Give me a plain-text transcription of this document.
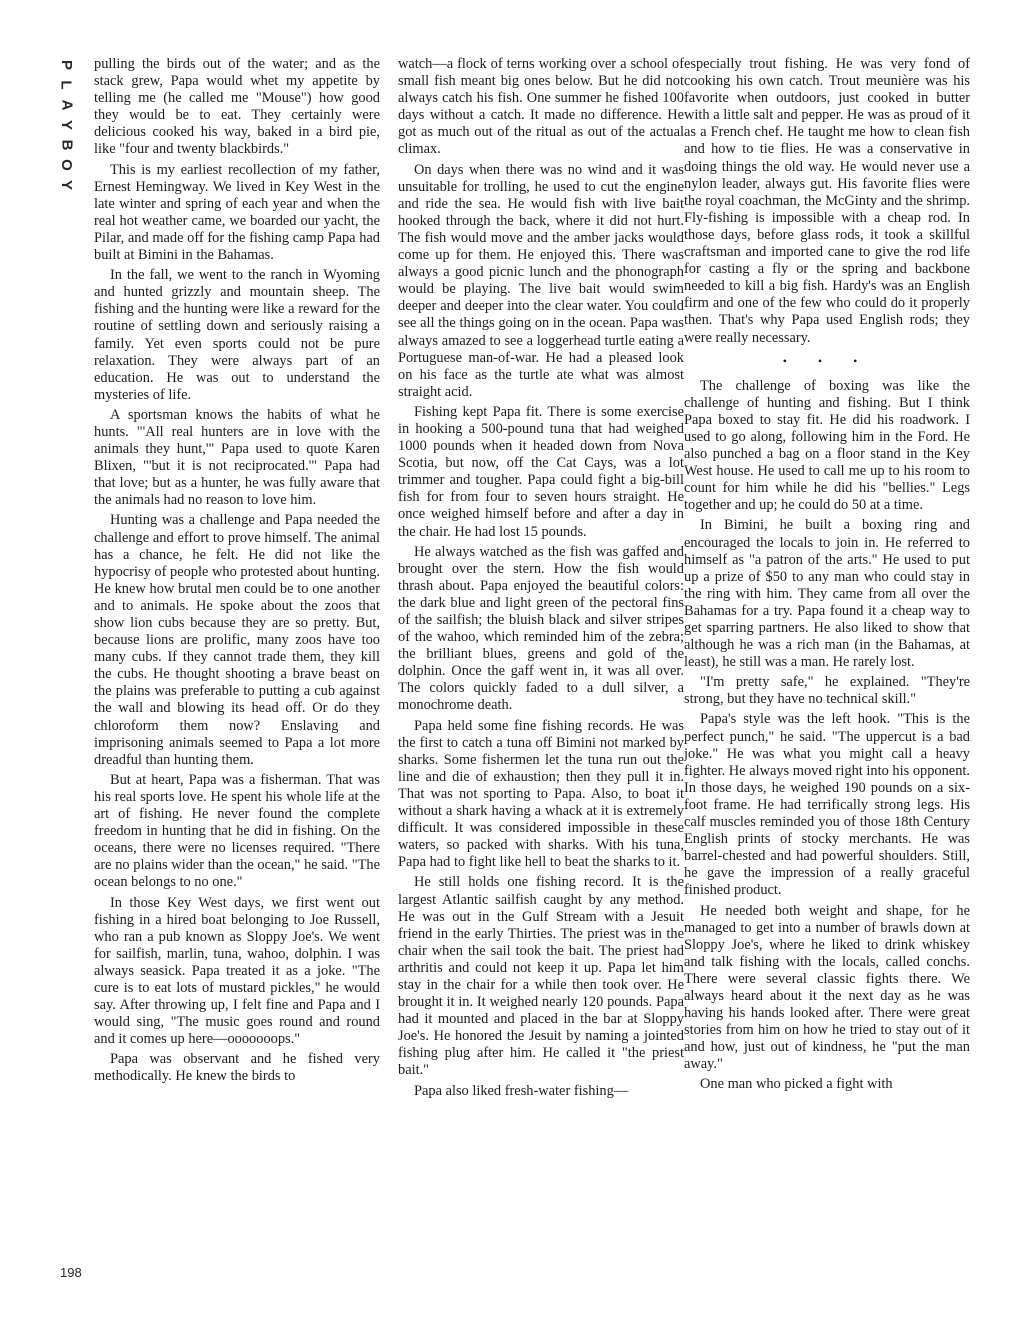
P
L
A
Y
B
O
Y
198

pulling the birds out of the water; and as the stack grew, Papa would whet my appetite by telling me (he called me "Mouse") how good they would be to eat. They certainly were delicious cooked his way, baked in a bird pie, like "four and twenty blackbirds."

This is my earliest recollection of my father, Ernest Hemingway. We lived in Key West in the late winter and spring of each year and when the real hot weather came, we boarded our yacht, the Pilar, and made off for the fishing camp Papa had built at Bimini in the Bahamas.

In the fall, we went to the ranch in Wyoming and hunted grizzly and mountain sheep. The fishing and the hunting were like a reward for the routine of settling down and seriously raising a family. Yet even sports could not be pure relaxation. They were always part of an education. He was out to understand the mysteries of life.

A sportsman knows the habits of what he hunts. "'All real hunters are in love with the animals they hunt,'" Papa used to quote Karen Blixen, "'but it is not reciprocated.'" Papa had that love; but as a hunter, he was fully aware that the animals had no reason to love him.

Hunting was a challenge and Papa needed the challenge and effort to prove himself. The animal has a chance, he felt. He did not like the hypocrisy of people who protested about hunting. He knew how brutal men could be to one another and to animals. He spoke about the zoos that show lion cubs because they are so pretty. But, because lions are prolific, many zoos have too many cubs. If they cannot trade them, they kill the cubs. He thought shooting a brave beast on the plains was preferable to putting a cub against the wall and blowing its head off. Or do they chloroform them now? Enslaving and imprisoning animals seemed to Papa a lot more dreadful than hunting them.

But at heart, Papa was a fisherman. That was his real sports love. He spent his whole life at the art of fishing. He never found the complete freedom in hunting that he did in fishing. On the oceans, there were no licenses required. "There are no plains wider than the ocean," he said. "The ocean belongs to no one."

In those Key West days, we first went out fishing in a hired boat belonging to Joe Russell, who ran a pub known as Sloppy Joe's. We went for sailfish, marlin, tuna, wahoo, dolphin. I was always seasick. Papa treated it as a joke. "The cure is to eat lots of mustard pickles," he would say. After throwing up, I felt fine and Papa and I would sing, "The music goes round and round and it comes up here—ooooooops."

Papa was observant and he fished very methodically. He knew the birds to

watch—a flock of terns working over a school of small fish meant big ones below. But he did not always catch his fish. One summer he fished 100 days without a catch. It made no difference. He got as much out of the ritual as out of the actual climax.

On days when there was no wind and it was unsuitable for trolling, he used to cut the engine and ride the sea. He would fish with live bait hooked through the back, where it did not hurt. The fish would move and the amber jacks would come up for them. He enjoyed this. There was always a good picnic lunch and the phonograph would be playing. The live bait would swim deeper and deeper into the clear water. You could see all the things going on in the ocean. Papa was always amazed to see a loggerhead turtle eating a Portuguese man-of-war. He had a pleased look on his face as the turtle ate what was almost straight acid.

Fishing kept Papa fit. There is some exercise in hooking a 500-pound tuna that had weighed 1000 pounds when it headed down from Nova Scotia, but now, off the Cat Cays, was a lot trimmer and tougher. Papa could fight a big-bill fish for from four to seven hours straight. He once weighed himself before and after a day in the chair. He had lost 15 pounds.

He always watched as the fish was gaffed and brought over the stern. How the fish would thrash about. Papa enjoyed the beautiful colors: the dark blue and light green of the pectoral fins of the sailfish; the bluish black and silver stripes of the wahoo, which reminded him of the zebra; the brilliant blues, greens and gold of the dolphin. Once the gaff went in, it was all over. The colors quickly faded to a dull silver, a monochrome death.

Papa held some fine fishing records. He was the first to catch a tuna off Bimini not marked by sharks. Some fishermen let the tuna run out the line and die of exhaustion; then they pull it in. That was not sporting to Papa. Also, to boat it without a shark having a whack at it is extremely difficult. It was considered impossible in these waters, so packed with sharks. With his tuna, Papa had to fight like hell to beat the sharks to it.

He still holds one fishing record. It is the largest Atlantic sailfish caught by any method. He was out in the Gulf Stream with a Jesuit friend in the early Thirties. The priest was in the chair when the sail took the bait. The priest had arthritis and could not keep it up. Papa let him stay in the chair for a while then took over. He brought it in. It weighed nearly 120 pounds. Papa had it mounted and placed in the bar at Sloppy Joe's. He honored the Jesuit by naming a jointed fishing plug after him. He called it "the priest bait."

Papa also liked fresh-water fishing—

especially trout fishing. He was very fond of cooking his own catch. Trout meunière was his favorite when outdoors, just cooked in butter with a little salt and pepper. He was as proud of it as a French chef. He taught me how to clean fish and how to tie flies. He was a conservative in doing things the old way. He would never use a nylon leader, always gut. His favorite flies were the royal coachman, the McGinty and the shrimp. Fly-fishing is impossible with a cheap rod. In those days, before glass rods, it took a skillful craftsman and imported cane to give the rod life for casting a fly or the spring and backbone needed to kill a big fish. Hardy's was an English firm and one of the few who could do it properly then. That's why Papa used English rods; they were really necessary.

• • •

The challenge of boxing was like the challenge of hunting and fishing. But I think Papa boxed to stay fit. He did his roadwork. I used to go along, following him in the Ford. He also punched a bag on a floor stand in the Key West house. He used to call me up to his room to count for him while he did his "bellies." Legs together and up; he could do 50 at a time.

In Bimini, he built a boxing ring and encouraged the locals to join in. He referred to himself as "a patron of the arts." He used to put up a prize of $50 to any man who could stay in the ring with him. They came from all over the Bahamas for a try. Papa found it a cheap way to get sparring partners. He also liked to show that although he was a rich man (in the Bahamas, at least), he still was a man. He rarely lost.

"I'm pretty safe," he explained. "They're strong, but they have no technical skill."

Papa's style was the left hook. "This is the perfect punch," he said. "The uppercut is a bad joke." He was what you might call a heavy fighter. He always moved right into his opponent. In those days, he weighed 190 pounds on a six-foot frame. He had terrifically strong legs. His calf muscles reminded you of those 18th Century English prints of stocky merchants. He was barrel-chested and had powerful shoulders. Still, he gave the impression of a really graceful finished product.

He needed both weight and shape, for he managed to get into a number of brawls down at Sloppy Joe's, where he liked to drink whiskey and talk fishing with the locals, called conchs. There were several classic fights there. We always heard about it the next day as he was having his hands looked after. There were great stories from him on how he tried to stay out of it and how, just out of kindness, he "put the man away."

One man who picked a fight with
